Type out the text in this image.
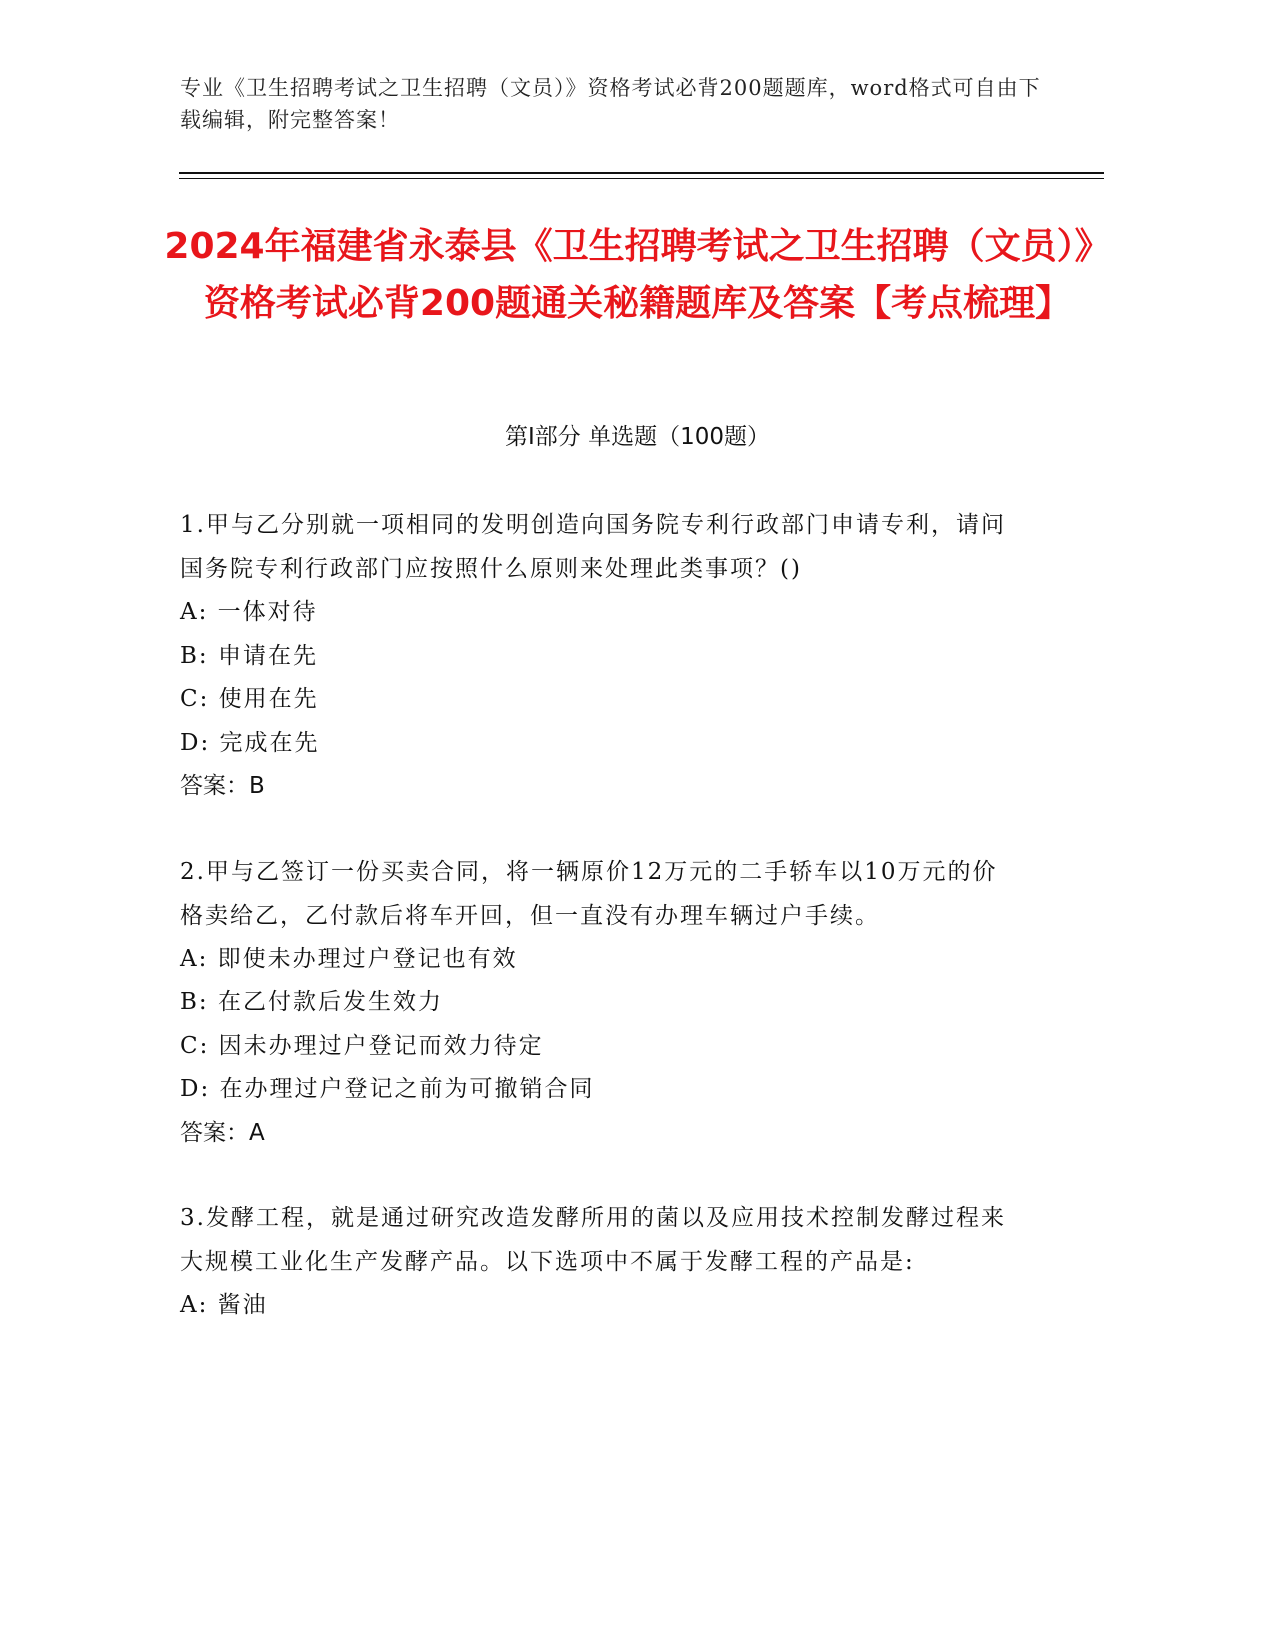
专业《卫生招聘考试之卫生招聘（文员）》资格考试必背200题题库，word格式可自由下载编辑，附完整答案！
2024年福建省永泰县《卫生招聘考试之卫生招聘（文员）》资格考试必背200题通关秘籍题库及答案【考点梳理】
第I部分 单选题（100题）
1.甲与乙分别就一项相同的发明创造向国务院专利行政部门申请专利，请问国务院专利行政部门应按照什么原则来处理此类事项？()
A: 一体对待
B: 申请在先
C: 使用在先
D: 完成在先
答案：B
2.甲与乙签订一份买卖合同，将一辆原价12万元的二手轿车以10万元的价格卖给乙，乙付款后将车开回，但一直没有办理车辆过户手续。
A: 即使未办理过户登记也有效
B: 在乙付款后发生效力
C: 因未办理过户登记而效力待定
D: 在办理过户登记之前为可撤销合同
答案：A
3.发酵工程，就是通过研究改造发酵所用的菌以及应用技术控制发酵过程来大规模工业化生产发酵产品。以下选项中不属于发酵工程的产品是:
A: 酱油
